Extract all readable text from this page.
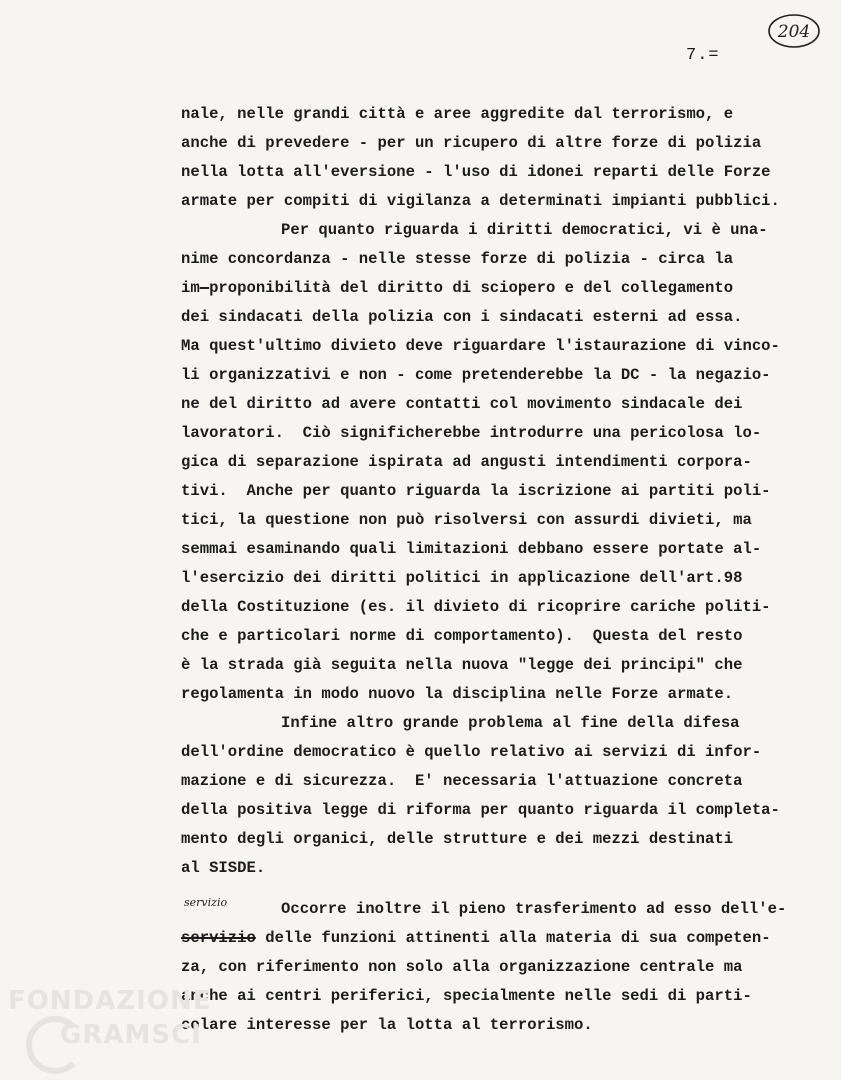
204
7.=
servizio
nale, nelle grandi città e aree aggredite dal terrorismo, e
anche di prevedere - per un ricupero di altre forze di polizia
nella lotta all'eversione - l'uso di idonei reparti delle Forze
armate per compiti di vigilanza a determinati impianti pubblici.
Per quanto riguarda i diritti democratici, vi è una-
nime concordanza - nelle stesse forze di polizia - circa la
im-proponibilità del diritto di sciopero e del collegamento
dei sindacati della polizia con i sindacati esterni ad essa.
Ma quest'ultimo divieto deve riguardare l'istaurazione di vinco-
li organizzativi e non - come pretenderebbe la DC - la negazio-
ne del diritto ad avere contatti col movimento sindacale dei
lavoratori.  Ciò significherebbe introdurre una pericolosa lo-
gica di separazione ispirata ad angusti intendimenti corpora-
tivi.  Anche per quanto riguarda la iscrizione ai partiti poli-
tici, la questione non può risolversi con assurdi divieti, ma
semmai esaminando quali limitazioni debbano essere portate al-
l'esercizio dei diritti politici in applicazione dell'art.98
della Costituzione (es. il divieto di ricoprire cariche politi-
che e particolari norme di comportamento).  Questa del resto
è la strada già seguita nella nuova "legge dei principi" che
regolamenta in modo nuovo la disciplina nelle Forze armate.
Infine altro grande problema al fine della difesa
dell'ordine democratico è quello relativo ai servizi di infor-
mazione e di sicurezza.  E' necessaria l'attuazione concreta
della positiva legge di riforma per quanto riguarda il completa-
mento degli organici, delle strutture e dei mezzi destinati
al SISDE.
Occorre inoltre il pieno trasferimento ad esso dell'e-
servizio delle funzioni attinenti alla materia di sua competen-
za, con riferimento non solo alla organizzazione centrale ma
anche ai centri periferici, specialmente nelle sedi di parti-
colare interesse per la lotta al terrorismo.
FONDAZIONE
GRAMSCI
